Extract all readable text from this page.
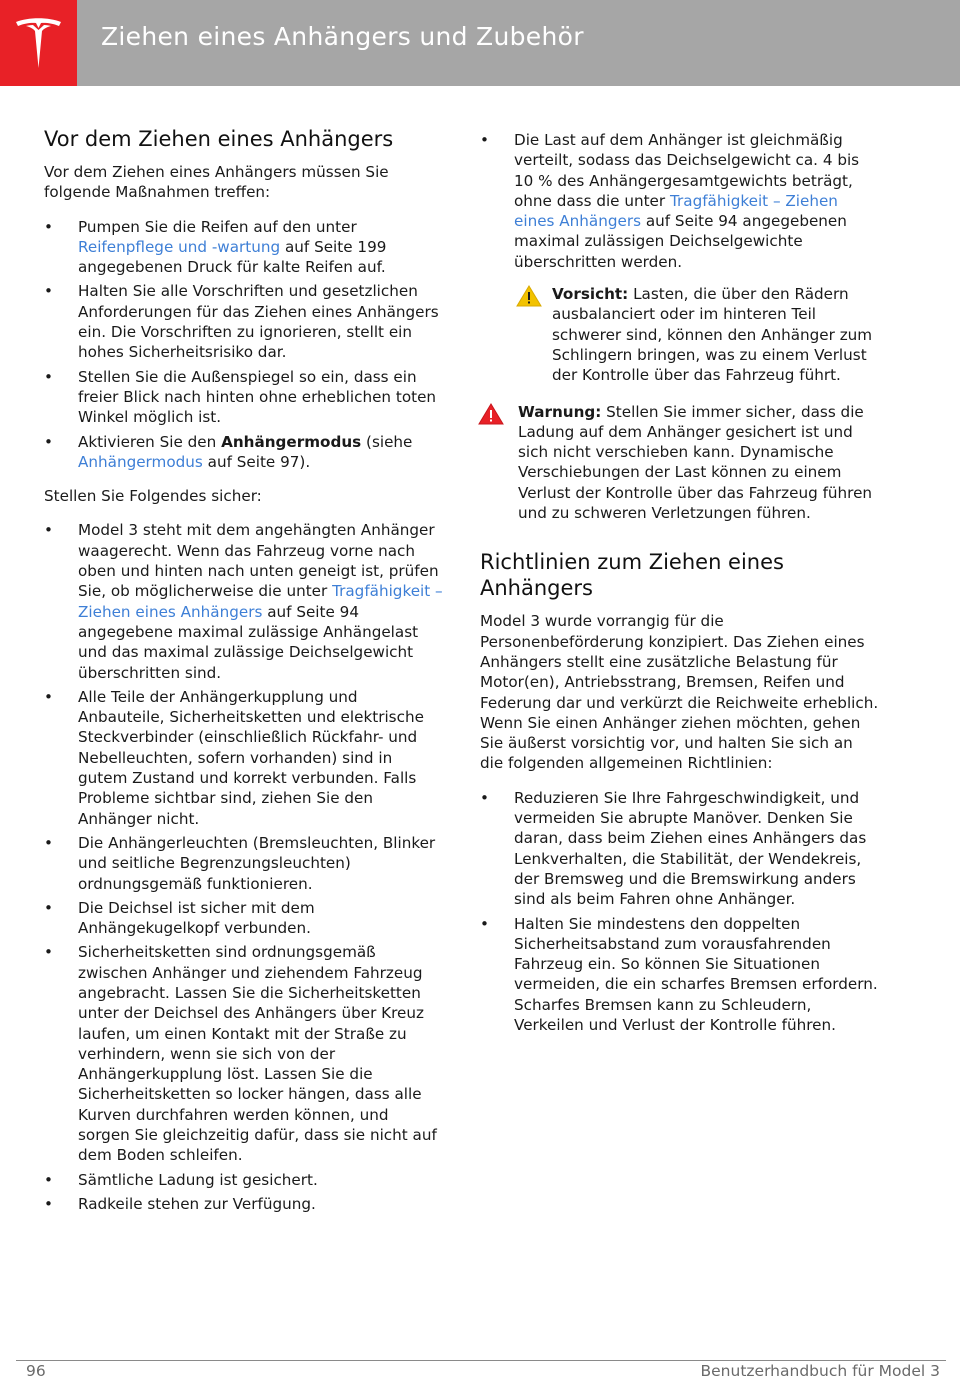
Ziehen eines Anhängers und Zubehör
Vor dem Ziehen eines Anhängers

Vor dem Ziehen eines Anhängers müssen Sie folgende Maßnahmen treffen:

•	Pumpen Sie die Reifen auf den unter Reifenpflege und -wartung auf Seite 199 angegebenen Druck für kalte Reifen auf.
•	Halten Sie alle Vorschriften und gesetzlichen Anforderungen für das Ziehen eines Anhängers ein. Die Vorschriften zu ignorieren, stellt ein hohes Sicherheitsrisiko dar.
•	Stellen Sie die Außenspiegel so ein, dass ein freier Blick nach hinten ohne erheblichen toten Winkel möglich ist.
•	Aktivieren Sie den Anhängermodus (siehe Anhängermodus auf Seite 97).

Stellen Sie Folgendes sicher:

•	Model 3 steht mit dem angehängten Anhänger waagerecht. Wenn das Fahrzeug vorne nach oben und hinten nach unten geneigt ist, prüfen Sie, ob möglicherweise die unter Tragfähigkeit – Ziehen eines Anhängers auf Seite 94 angegebene maximal zulässige Anhängelast und das maximal zulässige Deichselgewicht überschritten sind.
•	Alle Teile der Anhängerkupplung und Anbauteile, Sicherheitsketten und elektrische Steckverbinder (einschließlich Rückfahr- und Nebelleuchten, sofern vorhanden) sind in gutem Zustand und korrekt verbunden. Falls Probleme sichtbar sind, ziehen Sie den Anhänger nicht.
•	Die Anhängerleuchten (Bremsleuchten, Blinker und seitliche Begrenzungsleuchten) ordnungsgemäß funktionieren.
•	Die Deichsel ist sicher mit dem Anhängekugelkopf verbunden.
•	Sicherheitsketten sind ordnungsgemäß zwischen Anhänger und ziehendem Fahrzeug angebracht. Lassen Sie die Sicherheitsketten unter der Deichsel des Anhängers über Kreuz laufen, um einen Kontakt mit der Straße zu verhindern, wenn sie sich von der Anhängerkupplung löst. Lassen Sie die Sicherheitsketten so locker hängen, dass alle Kurven durchfahren werden können, und sorgen Sie gleichzeitig dafür, dass sie nicht auf dem Boden schleifen.
•	Sämtliche Ladung ist gesichert.
•	Radkeile stehen zur Verfügung.
•	Die Last auf dem Anhänger ist gleichmäßig verteilt, sodass das Deichselgewicht ca. 4 bis 10 % des Anhängergesamtgewichts beträgt, ohne dass die unter Tragfähigkeit – Ziehen eines Anhängers auf Seite 94 angegebenen maximal zulässigen Deichselgewichte überschritten werden.
Vorsicht: Lasten, die über den Rädern ausbalanciert oder im hinteren Teil schwerer sind, können den Anhänger zum Schlingern bringen, was zu einem Verlust der Kontrolle über das Fahrzeug führt.
Warnung: Stellen Sie immer sicher, dass die Ladung auf dem Anhänger gesichert ist und sich nicht verschieben kann. Dynamische Verschiebungen der Last können zu einem Verlust der Kontrolle über das Fahrzeug führen und zu schweren Verletzungen führen.
Richtlinien zum Ziehen eines Anhängers

Model 3 wurde vorrangig für die Personenbeförderung konzipiert. Das Ziehen eines Anhängers stellt eine zusätzliche Belastung für Motor(en), Antriebsstrang, Bremsen, Reifen und Federung dar und verkürzt die Reichweite erheblich. Wenn Sie einen Anhänger ziehen möchten, gehen Sie äußerst vorsichtig vor, und halten Sie sich an die folgenden allgemeinen Richtlinien:

•	Reduzieren Sie Ihre Fahrgeschwindigkeit, und vermeiden Sie abrupte Manöver. Denken Sie daran, dass beim Ziehen eines Anhängers das Lenkverhalten, die Stabilität, der Wendekreis, der Bremsweg und die Bremswirkung anders sind als beim Fahren ohne Anhänger.
•	Halten Sie mindestens den doppelten Sicherheitsabstand zum vorausfahrenden Fahrzeug ein. So können Sie Situationen vermeiden, die ein scharfes Bremsen erfordern. Scharfes Bremsen kann zu Schleudern, Verkeilen und Verlust der Kontrolle führen.
96	Benutzerhandbuch für Model 3
